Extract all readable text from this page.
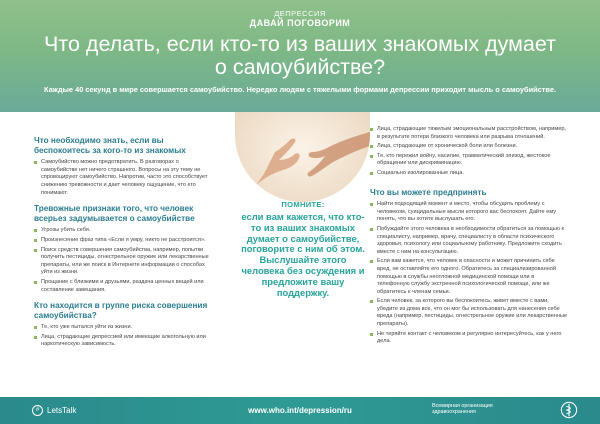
ДЕПРЕССИЯ
ДАВАЙ ПОГОВОРИМ
Что делать, если кто-то из ваших знакомых думает о самоубийстве?
Каждые 40 секунд в мире совершается самоубийство. Нередко людям с тяжелыми формами депрессии приходит мысль о самоубийстве.
Что необходимо знать, если вы беспокоитесь за кого-то из знакомых
Самоубийство можно предотвратить. В разговорах о самоубийстве нет ничего страшного. Вопросы на эту тему не спровоцируют самоубийство. Напротив, часто это способствует снижению тревожности и дает человеку ощущение, что его понимают.
Тревожные признаки того, что человек всерьез задумывается о самоубийстве
Угрозы убить себя.
Произнесение фраз типа «Если я умру, никто не расстроится».
Поиск средств совершения самоубийства, например, попытки получить пестициды, огнестрельное оружие или лекарственные препараты, или же поиск в Интернете информации о способах уйти из жизни.
Прощание с близкими и друзьями, раздача ценных вещей или составление завещания.
Кто находится в группе риска совершения самоубийства?
Те, кто уже пытался уйти из жизни.
Лица, страдающие депрессией или имеющие алкогольную или наркотическую зависимость.
ПОМНИТЕ:
если вам кажется, что кто-то из ваших знакомых думает о самоубийстве, поговорите с ним об этом. Выслушайте этого человека без осуждения и предложите вашу поддержку.
Лица, страдающие тяжелым эмоциональным расстройством, например, в результате потери близкого человека или разрыва отношений.
Лица, страдающие от хронической боли или болезни.
Те, кто пережил войну, насилие, травматический эпизод, жестокое обращение или дискриминацию.
Социально изолированные лица.
Что вы можете предпринять
Найти подходящий момент и место, чтобы обсудить проблему с человеком, суицидальные мысли которого вас беспокоят. Дайте ему понять, что вы хотите выслушать его.
Побуждайте этого человека в необходимости обратиться за помощью к специалисту, например, врачу, специалисту в области психического здоровья, психологу или социальному работнику. Предложите сходить вместе с ним на консультацию.
Если вам кажется, что человек в опасности и может причинить себе вред, не оставляйте его одного. Обратитесь за специализированной помощью в службы неотложной медицинской помощи или в телефонную службу экстренной психологической помощи, или же обратитесь к членам семьи.
Если человек, за которого вы беспокоитесь, живет вместе с вами, убедите из дома все, что он мог бы использовать для нанесения себе вреда (например, пестициды, огнестрельное оружие или лекарственные препараты).
Не теряйте контакт с человеком и регулярно интересуйтесь, как у него дела.
# LetsTalk	www.who.int/depression/ru	Всемирная организация здравоохранения
